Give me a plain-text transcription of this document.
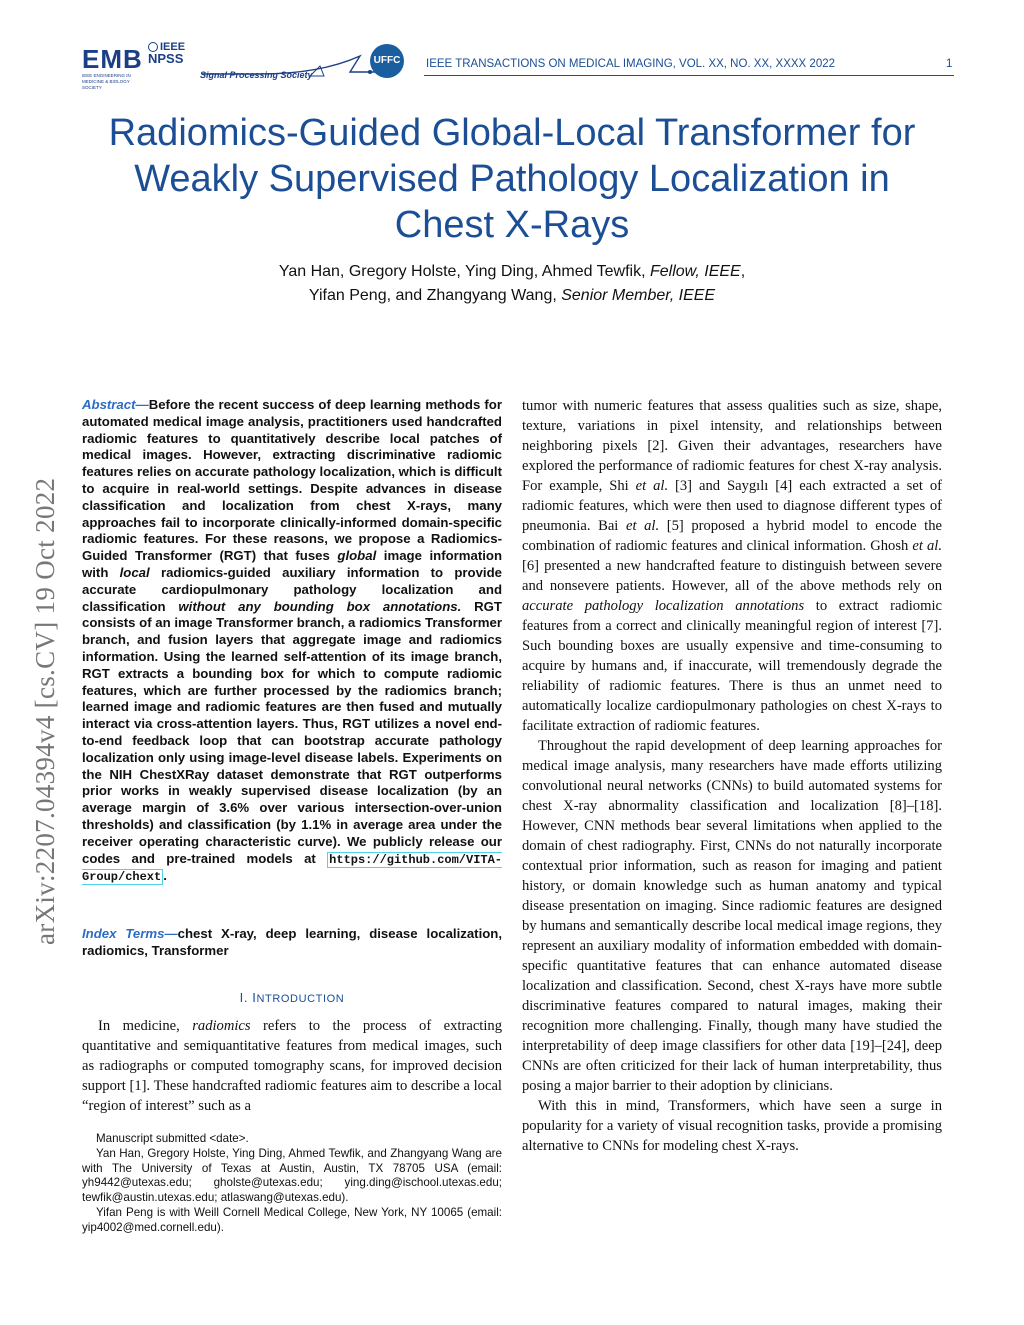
EMB
IEEE ENGINEERING IN MEDICINE & BIOLOGY SOCIETY
IEEE
NPSS
Signal Processing Society
UFFC	IEEE TRANSACTIONS ON MEDICAL IMAGING, VOL. XX, NO. XX, XXXX 2022	1
Radiomics-Guided Global-Local Transformer for
Weakly Supervised Pathology Localization in
Chest X-Rays
Yan Han, Gregory Holste, Ying Ding, Ahmed Tewfik, Fellow, IEEE,
Yifan Peng, and Zhangyang Wang, Senior Member, IEEE
arXiv:2207.04394v4 [cs.CV] 19 Oct 2022
Abstract—Before the recent success of deep learning methods for automated medical image analysis, practitioners used handcrafted radiomic features to quantitatively describe local patches of medical images. However, extracting discriminative radiomic features relies on accurate pathology localization, which is difficult to acquire in real-world settings. Despite advances in disease classification and localization from chest X-rays, many approaches fail to incorporate clinically-informed domain-specific radiomic features. For these reasons, we propose a Radiomics-Guided Transformer (RGT) that fuses global image information with local radiomics-guided auxiliary information to provide accurate cardiopulmonary pathology localization and classification without any bounding box annotations. RGT consists of an image Transformer branch, a radiomics Transformer branch, and fusion layers that aggregate image and radiomics information. Using the learned self-attention of its image branch, RGT extracts a bounding box for which to compute radiomic features, which are further processed by the radiomics branch; learned image and radiomic features are then fused and mutually interact via cross-attention layers. Thus, RGT utilizes a novel end-to-end feedback loop that can bootstrap accurate pathology localization only using image-level disease labels. Experiments on the NIH ChestXRay dataset demonstrate that RGT outperforms prior works in weakly supervised disease localization (by an average margin of 3.6% over various intersection-over-union thresholds) and classification (by 1.1% in average area under the receiver operating characteristic curve). We publicly release our codes and pre-trained models at https://github.com/VITA-Group/chext .
Index Terms—chest X-ray, deep learning, disease localization, radiomics, Transformer
I. INTRODUCTION

In medicine, radiomics refers to the process of extracting quantitative and semiquantitative features from medical images, such as radiographs or computed tomography scans, for improved decision support [1]. These handcrafted radiomic features aim to describe a local “region of interest” such as a

Manuscript submitted <date>.

Yan Han, Gregory Holste, Ying Ding, Ahmed Tewfik, and Zhangyang Wang are with The University of Texas at Austin, Austin, TX 78705 USA (email: yh9442@utexas.edu; gholste@utexas.edu; ying.ding@ischool.utexas.edu; tewfik@austin.utexas.edu; atlaswang@utexas.edu).

Yifan Peng is with Weill Cornell Medical College, New York, NY 10065 (email: yip4002@med.cornell.edu).

tumor with numeric features that assess qualities such as size, shape, texture, variations in pixel intensity, and relationships between neighboring pixels [2]. Given their advantages, researchers have explored the performance of radiomic features for chest X-ray analysis. For example, Shi et al. [3] and Saygılı [4] each extracted a set of radiomic features, which were then used to diagnose different types of pneumonia. Bai et al. [5] proposed a hybrid model to encode the combination of radiomic features and clinical information. Ghosh et al. [6] presented a new handcrafted feature to distinguish between severe and nonsevere patients. However, all of the above methods rely on accurate pathology localization annotations to extract radiomic features from a correct and clinically meaningful region of interest [7]. Such bounding boxes are usually expensive and time-consuming to acquire by humans and, if inaccurate, will tremendously degrade the reliability of radiomic features. There is thus an unmet need to automatically localize cardiopulmonary pathologies on chest X-rays to facilitate extraction of radiomic features.

Throughout the rapid development of deep learning approaches for medical image analysis, many researchers have made efforts utilizing convolutional neural networks (CNNs) to build automated systems for chest X-ray abnormality classification and localization [8]–[18]. However, CNN methods bear several limitations when applied to the domain of chest radiography. First, CNNs do not naturally incorporate contextual prior information, such as reason for imaging and patient history, or domain knowledge such as human anatomy and typical disease presentation on imaging. Since radiomic features are designed by humans and semantically describe local medical image regions, they represent an auxiliary modality of information embedded with domain-specific quantitative features that can enhance automated disease localization and classification. Second, chest X-rays have more subtle discriminative features compared to natural images, making their recognition more challenging. Finally, though many have studied the interpretability of deep image classifiers for other data [19]–[24], deep CNNs are often criticized for their lack of human interpretability, thus posing a major barrier to their adoption by clinicians.

With this in mind, Transformers, which have seen a surge in popularity for a variety of visual recognition tasks, provide a promising alternative to CNNs for modeling chest X-rays.
